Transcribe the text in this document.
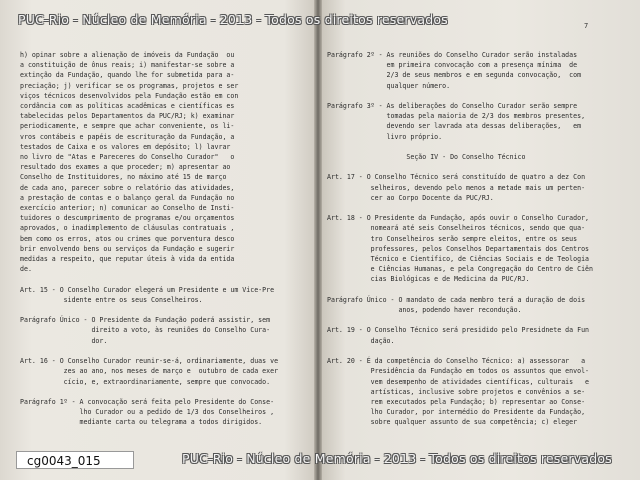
h) opinar sobre a alienação de imóveis da Fundação  ou
a constituição de ônus reais; i) manifestar-se sobre a
extinção da Fundação, quando lhe for submetida para a-
preciação; j) verificar se os programas, projetos e ser
viços técnicos desenvolvidos pela Fundação estão em con
cordância com as políticas acadêmicas e científicas es
tabelecidas pelos Departamentos da PUC/RJ; k) examinar
periodicamente, e sempre que achar conveniente, os li-
vros contábeis e papéis de escrituração da Fundação, a
testados de Caixa e os valores em depósito; l) lavrar
no livro de "Atas e Pareceres do Conselho Curador"   o
resultado dos exames a que proceder; m) apresentar ao
Conselho de Instituidores, no máximo até 15 de março
de cada ano, parecer sobre o relatório das atividades,
a prestação de contas e o balanço geral da Fundação no
exercício anterior; n) comunicar ao Conselho de Insti-
tuidores o descumprimento de programas e/ou orçamentos
aprovados, o inadimplemento de cláusulas contratuais ,
bem como os erros, atos ou crimes que porventura desco
brir envolvendo bens ou serviços da Fundação e sugerir
medidas a respeito, que reputar úteis à vida da entida
de.

Art. 15 - O Conselho Curador elegerá um Presidente e um Vice-Pre
sidente entre os seus Conselheiros.

Parágrafo Único - O Presidente da Fundação poderá assistir, sem
direito a voto, às reuniões do Conselho Cura-
dor.

Art. 16 - O Conselho Curador reunir-se-á, ordinariamente, duas ve
zes ao ano, nos meses de março e  outubro de cada exer
cício, e, extraordinariamente, sempre que convocado.

Parágrafo 1º - A convocação será feita pelo Presidente do Conse-
lho Curador ou a pedido de 1/3 dos Conselheiros ,
mediante carta ou telegrama a todos dirigidos.
7
Parágrafo 2º - As reuniões do Conselho Curador serão instaladas
em primeira convocação com a presença mínima  de
2/3 de seus membros e em segunda convocação,  com
qualquer número.

Parágrafo 3º - As deliberações do Conselho Curador serão sempre
tomadas pela maioria de 2/3 dos membros presentes,
devendo ser lavrada ata dessas deliberações,   em
livro próprio.

Seção IV - Do Conselho Técnico

Art. 17 - O Conselho Técnico será constituído de quatro a dez Con
selheiros, devendo pelo menos a metade mais um perten-
cer ao Corpo Docente da PUC/RJ.

Art. 18 - O Presidente da Fundação, após ouvir o Conselho Curador,
nomeará até seis Conselheiros técnicos, sendo que qua-
tro Conselheiros serão sempre eleitos, entre os seus
professores, pelos Conselhos Departamentais dos Centros
Técnico e Científico, de Ciências Sociais e de Teologia
e Ciências Humanas, e pela Congregação do Centro de Ciên
cias Biológicas e de Medicina da PUC/RJ.

Parágrafo Único - O mandato de cada membro terá a duração de dois
anos, podendo haver recondução.

Art. 19 - O Conselho Técnico será presidido pelo Presidnete da Fun
dação.

Art. 20 - É da competência do Conselho Técnico: a) assessorar   a
Presidência da Fundação em todos os assuntos que envol-
vem desempenho de atividades científicas, culturais   e
artísticas, inclusive sobre projetos e convênios a se-
rem executados pela Fundação; b) representar ao Conse-
lho Curador, por intermédio do Presidente da Fundação,
sobre qualquer assunto de sua competência; c) eleger
PUC-Rio - Núcleo de Memória - 2013 - Todos os direitos reservados
PUC-Rio - Núcleo de Memória - 2013 - Todos os direitos reservados
cg0043_015
